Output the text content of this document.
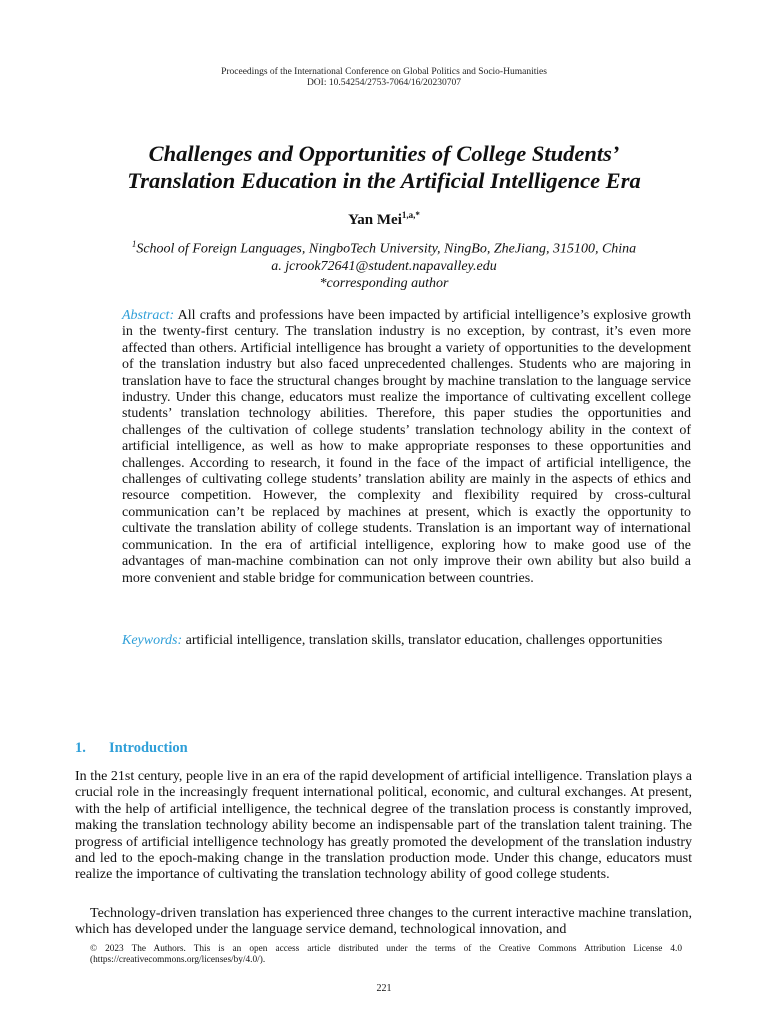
Proceedings of the International Conference on Global Politics and Socio-Humanities
DOI: 10.54254/2753-7064/16/20230707
Challenges and Opportunities of College Students’
Translation Education in the Artificial Intelligence Era
Yan Mei$^{1,a,*}$
$^1$School of Foreign Languages, NingboTech University, NingBo, ZheJiang, 315100, China
a. jcrook72641@student.napavalley.edu
*corresponding author

Abstract: All crafts and professions have been impacted by artificial intelligence’s explosive growth in the twenty-first century. The translation industry is no exception, by contrast, it’s even more affected than others. Artificial intelligence has brought a variety of opportunities to the development of the translation industry but also faced unprecedented challenges. Students who are majoring in translation have to face the structural changes brought by machine translation to the language service industry. Under this change, educators must realize the importance of cultivating excellent college students’ translation technology abilities. Therefore, this paper studies the opportunities and challenges of the cultivation of college students’ translation technology ability in the context of artificial intelligence, as well as how to make appropriate responses to these opportunities and challenges. According to research, it found in the face of the impact of artificial intelligence, the challenges of cultivating college students’ translation ability are mainly in the aspects of ethics and resource competition. However, the complexity and flexibility required by cross-cultural communication can’t be replaced by machines at present, which is exactly the opportunity to cultivate the translation ability of college students. Translation is an important way of international communication. In the era of artificial intelligence, exploring how to make good use of the advantages of man-machine combination can not only improve their own ability but also build a more convenient and stable bridge for communication between countries.

Keywords: artificial intelligence, translation skills, translator education, challenges opportunities

1. Introduction

In the 21st century, people live in an era of the rapid development of artificial intelligence. Translation plays a crucial role in the increasingly frequent international political, economic, and cultural exchanges. At present, with the help of artificial intelligence, the technical degree of the translation process is constantly improved, making the translation technology ability become an indispensable part of the translation talent training. The progress of artificial intelligence technology has greatly promoted the development of the translation industry and led to the epoch-making change in the translation production mode. Under this change, educators must realize the importance of cultivating the translation technology ability of good college students.

Technology-driven translation has experienced three changes to the current interactive machine translation, which has developed under the language service demand, technological innovation, and

© 2023 The Authors. This is an open access article distributed under the terms of the Creative Commons Attribution License 4.0 (https://creativecommons.org/licenses/by/4.0/).

221
